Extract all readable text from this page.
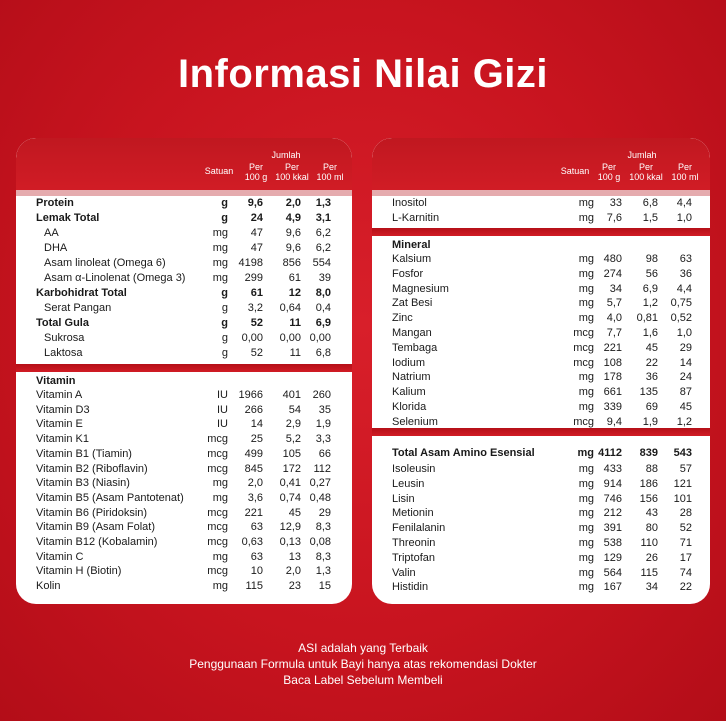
Informasi Nilai Gizi
Satuan
Jumlah
Per
100 g
Per
100 kkal
Per
100 ml
Protein	g	9,6	2,0	1,3
Lemak Total	g	24	4,9	3,1
AA	mg	47	9,6	6,2
DHA	mg	47	9,6	6,2
Asam linoleat (Omega 6)	mg 4198	856	554
Asam α-Linolenat (Omega 3)	mg	299	61	39
Karbohidrat Total	g	61	12	8,0
Serat Pangan	g	3,2	0,64	0,4
Total Gula	g	52	11	6,9
Sukrosa	g	0,00	0,00 0,00
Laktosa	g	52	11	6,8
Vitamin
Vitamin A	IU 1966	401	260
Vitamin D3	IU	266	54	35
Vitamin E	IU	14	2,9	1,9
Vitamin K1	mcg	25	5,2	3,3
Vitamin B1 (Tiamin)	mcg	499	105	66
Vitamin B2 (Riboflavin)	mcg	845	172	112
Vitamin B3 (Niasin)	mg	2,0	0,41 0,27
Vitamin B5 (Asam Pantotenat)	mg	3,6	0,74 0,48
Vitamin B6 (Piridoksin)	mcg	221	45	29
Vitamin B9 (Asam Folat)	mcg	63	12,9	8,3
Vitamin B12 (Kobalamin)	mcg	0,63	0,13 0,08
Vitamin C	mg	63	13	8,3
Vitamin H (Biotin)	mcg	10	2,0	1,3
Kolin	mg	115	23	15
Satuan
Jumlah
Per
100 g
Per
100 kkal
Per
100 ml
Inositol	mg	33	6,8	4,4
L-Karnitin	mg	7,6	1,5	1,0
Mineral
Kalsium	mg 480	98	63
Fosfor	mg 274	56	36
Magnesium	mg	34	6,9	4,4
Zat Besi	mg	5,7	1,2	0,75
Zinc	mg	4,0	0,81	0,52
Mangan	mcg	7,7	1,6	1,0
Tembaga	mcg 221	45	29
Iodium	mcg 108	22	14
Natrium	mg 178	36	24
Kalium	mg 661	135	87
Klorida	mg 339	69	45
Selenium	mcg	9,4	1,9	1,2
Total Asam Amino Esensial	mg 4112	839	543
Isoleusin	mg 433	88	57
Leusin	mg 914	186	121
Lisin	mg 746	156	101
Metionin	mg 212	43	28
Fenilalanin	mg 391	80	52
Threonin	mg 538	110	71
Triptofan	mg 129	26	17
Valin	mg 564	115	74
Histidin	mg 167	34	22
ASI adalah yang Terbaik
Penggunaan Formula untuk Bayi hanya atas rekomendasi Dokter
Baca Label Sebelum Membeli
